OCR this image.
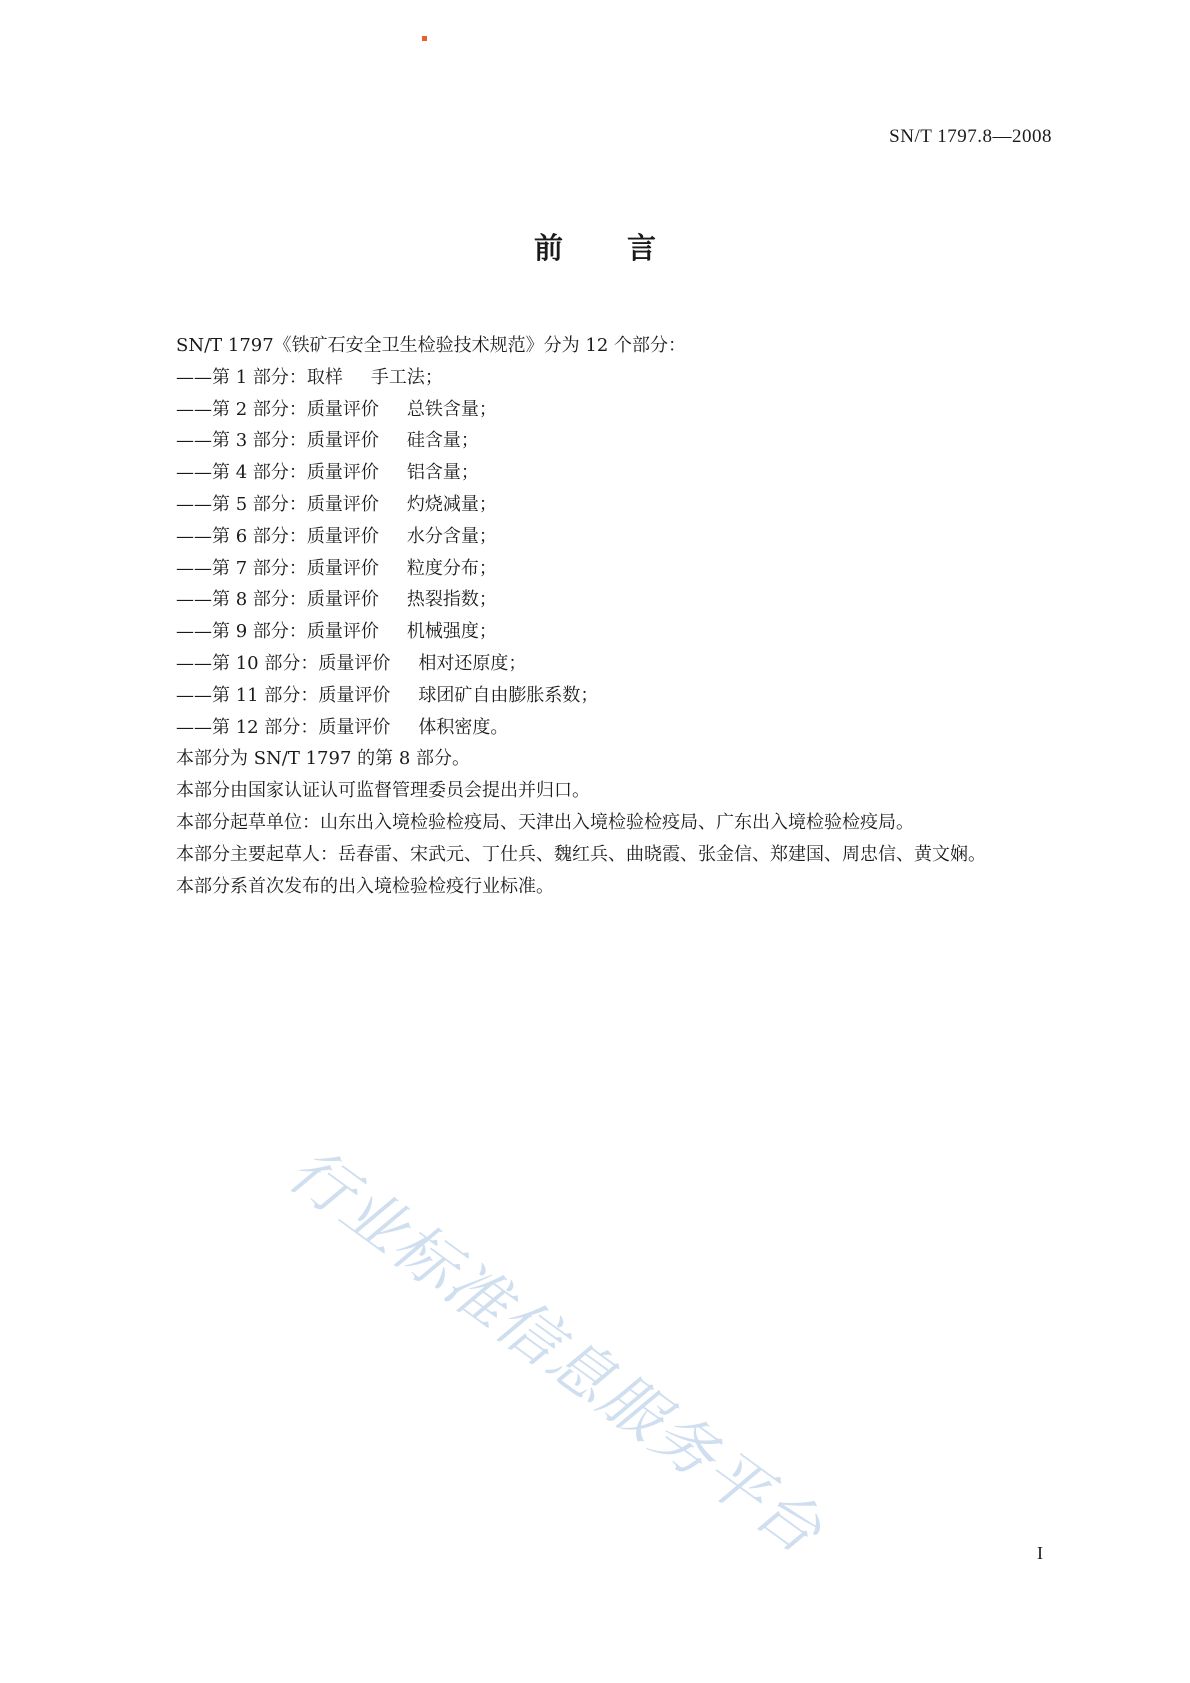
SN/T 1797.8—2008
前言
SN/T 1797《铁矿石安全卫生检验技术规范》分为 12 个部分：
——第 1 部分：取样 手工法；
——第 2 部分：质量评价 总铁含量；
——第 3 部分：质量评价 硅含量；
——第 4 部分：质量评价 铝含量；
——第 5 部分：质量评价 灼烧减量；
——第 6 部分：质量评价 水分含量；
——第 7 部分：质量评价 粒度分布；
——第 8 部分：质量评价 热裂指数；
——第 9 部分：质量评价 机械强度；
——第 10 部分：质量评价 相对还原度；
——第 11 部分：质量评价 球团矿自由膨胀系数；
——第 12 部分：质量评价 体积密度。
本部分为 SN/T 1797 的第 8 部分。
本部分由国家认证认可监督管理委员会提出并归口。
本部分起草单位：山东出入境检验检疫局、天津出入境检验检疫局、广东出入境检验检疫局。
本部分主要起草人：岳春雷、宋武元、丁仕兵、魏红兵、曲晓霞、张金信、郑建国、周忠信、黄文娴。
本部分系首次发布的出入境检验检疫行业标准。
行业标准信息服务平台	I
